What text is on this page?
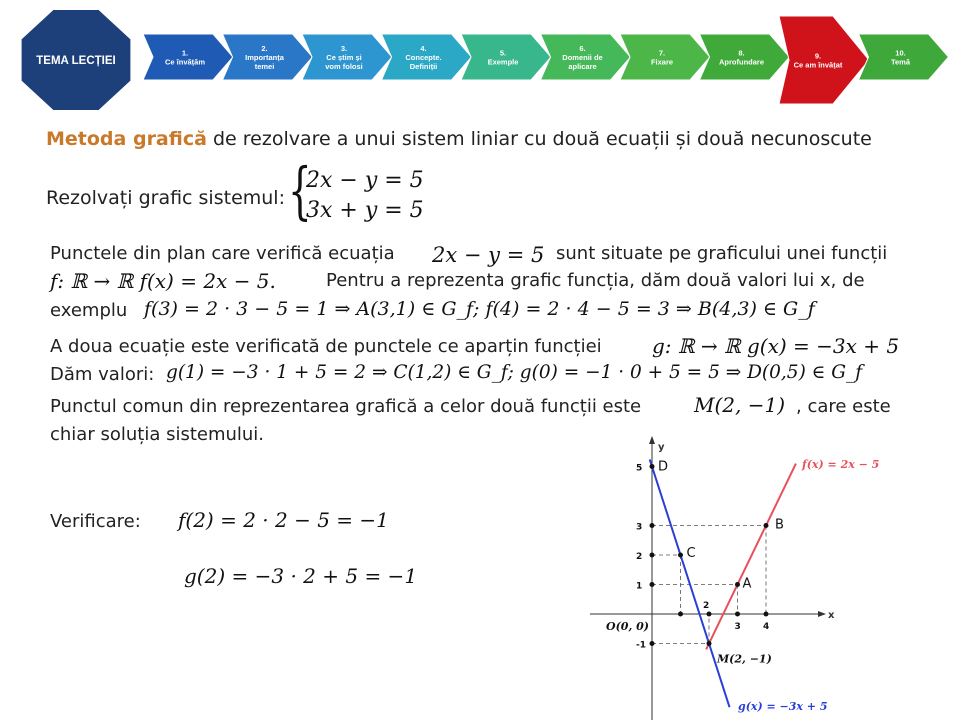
TEMA LECȚIEI
1.
Ce învățăm
2.
Importanța
temei
3.
Ce știm și
vom folosi
4.
Concepte.
Definiții
5.
Exemple
6.
Domenii de
aplicare
7.
Fixare
8.
Aprofundare
9.
Ce am învățat
10.
Temă
Metoda grafică de rezolvare a unui sistem liniar cu două ecuații și două necunoscute
Rezolvați grafic sistemul: {
2x − y = 5
3x + y = 5
Punctele din plan care verifică ecuația 2x − y = 5 sunt situate pe graficului unei funcții
f: ℝ → ℝ f(x) = 2x − 5.	Pentru a reprezenta grafic funcția, dăm două valori lui x, de
exemplu f(3) = 2 · 3 − 5 = 1 ⇒ A(3,1) ∈ G_f; f(4) = 2 · 4 − 5 = 3 ⇒ B(4,3) ∈ G_f
A doua ecuație este verificată de punctele ce aparțin funcției	g: ℝ → ℝ g(x) = −3x + 5
Dăm valori: g(1) = −3 · 1 + 5 = 2 ⇒ C(1,2) ∈ G_f; g(0) = −1 · 0 + 5 = 5 ⇒ D(0,5) ∈ G_f
Punctul comun din reprezentarea grafică a celor două funcții este	M(2, −1) , care este
chiar soluția sistemului.
Verificare: f(2) = 2 · 2 − 5 = −1
g(2) = −3 · 2 + 5 = −1
x
y
D
C
A
B
5
3
2
1
-1
2
3 4
O(0, 0)
M(2, −1)
f(x) = 2x − 5
g(x) = −3x + 5
